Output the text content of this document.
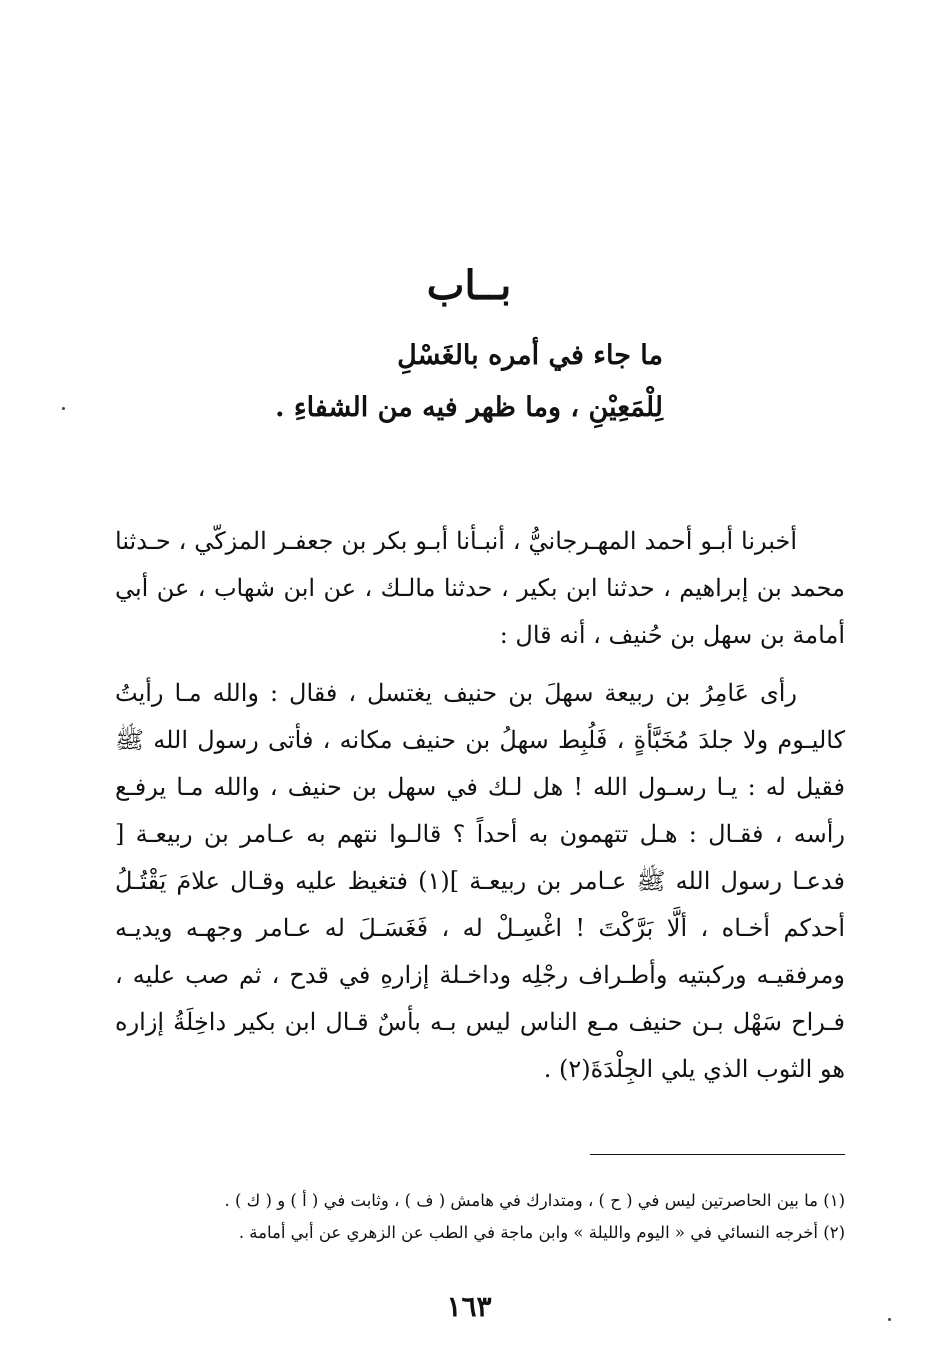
بــاب
ما جاء في أمره بالغَسْلِ
لِلْمَعِيْنِ ، وما ظهر فيه من الشفاءِ .
أخبرنا أبـو أحمد المهـرجانيُّ ، أنبـأنا أبـو بكر بن جعفـر المزكّي ، حـدثنا محمد بن إبراهيم ، حدثنا ابن بكير ، حدثنا مالـك ، عن ابن شهاب ، عن أبي أمامة بن سهل بن حُنيف ، أنه قال :
رأى عَامِرُ بن ربيعة سهلَ بن حنيف يغتسل ، فقال : والله مـا رأيتُ كاليـوم ولا جلدَ مُخَبَّأةٍ ، فَلُبِط سهلُ بن حنيف مكانه ، فأتى رسول الله ﷺ فقيل له : يـا رسـول الله ! هل لـك في سهل بن حنيف ، والله مـا يرفـع رأسه ، فقـال : هـل تتهمون به أحداً ؟ قالـوا نتهم به عـامر بن ربيعـة [ فدعـا رسول الله ﷺ عـامر بن ربيعـة ](١) فتغيظ عليه وقـال علامَ يَقْتُـلُ أحدكم أخـاه ، ألَّا بَرَّكْتَ ! اغْسِـلْ له ، فَغَسَـلَ له عـامر وجهـه ويديـه ومرفقيـه وركبتيه وأطـراف رجْلِه وداخـلة إزارهِ في قدح ، ثم صب عليه ، فـراح سَهْل بـن حنيف مـع الناس ليس بـه بأسٌ قـال ابن بكير داخِلَةُ إزاره هو الثوب الذي يلي الجِلْدَةَ(٢) .
(١) ما بين الحاصرتين ليس في ( ح ) ، ومتدارك في هامش ( ف ) ، وثابت في ( أ ) و ( ك ) .
(٢) أخرجه النسائي في « اليوم والليلة » وابن ماجة في الطب عن الزهري عن أبي أمامة .
١٦٣
